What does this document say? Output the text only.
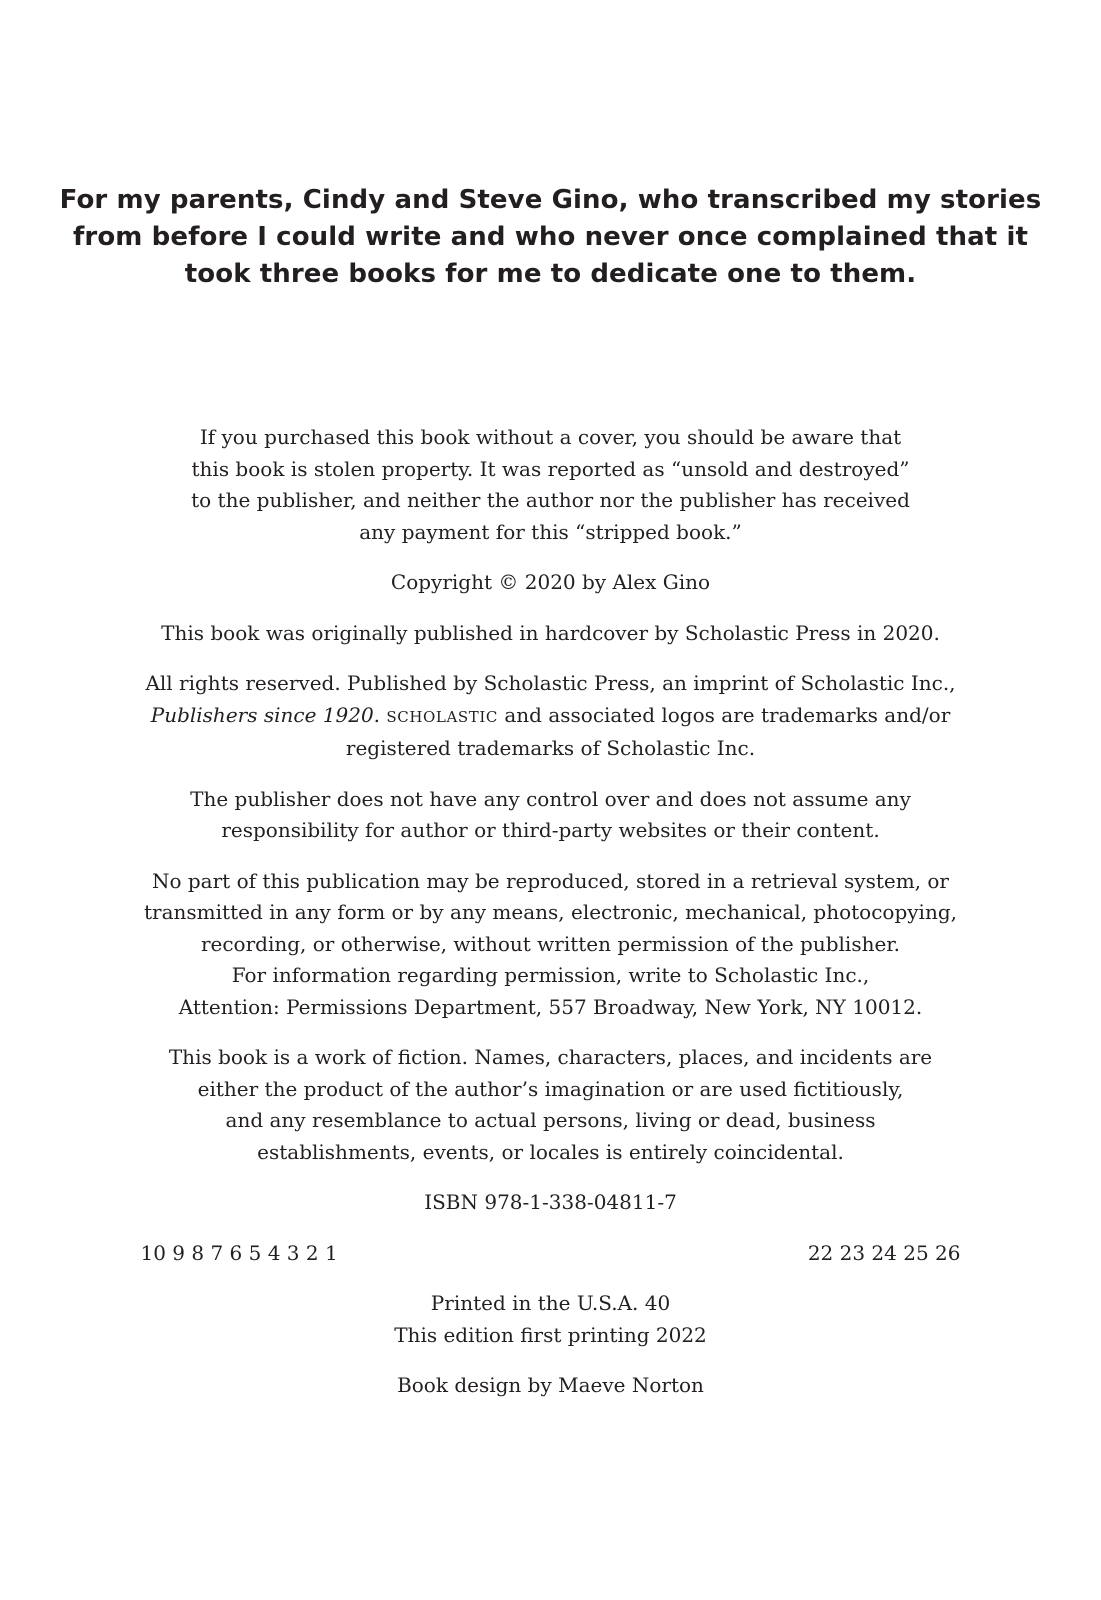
For my parents, Cindy and Steve Gino, who transcribed my stories
from before I could write and who never once complained that it
took three books for me to dedicate one to them.

If you purchased this book without a cover, you should be aware that
this book is stolen property. It was reported as “unsold and destroyed”
to the publisher, and neither the author nor the publisher has received
any payment for this “stripped book.”

Copyright © 2020 by Alex Gino

This book was originally published in hardcover by Scholastic Press in 2020.

All rights reserved. Published by Scholastic Press, an imprint of Scholastic Inc.,
Publishers since 1920. SCHOLASTIC and associated logos are trademarks and/or
registered trademarks of Scholastic Inc.

The publisher does not have any control over and does not assume any
responsibility for author or third-party websites or their content.

No part of this publication may be reproduced, stored in a retrieval system, or
transmitted in any form or by any means, electronic, mechanical, photocopying,
recording, or otherwise, without written permission of the publisher.
For information regarding permission, write to Scholastic Inc.,
Attention: Permissions Department, 557 Broadway, New York, NY 10012.

This book is a work of fiction. Names, characters, places, and incidents are
either the product of the author’s imagination or are used fictitiously,
and any resemblance to actual persons, living or dead, business
establishments, events, or locales is entirely coincidental.

ISBN 978-1-338-04811-7

10 9 8 7 6 5 4 3 2 1	22 23 24 25 26

Printed in the U.S.A. 40
This edition first printing 2022

Book design by Maeve Norton
